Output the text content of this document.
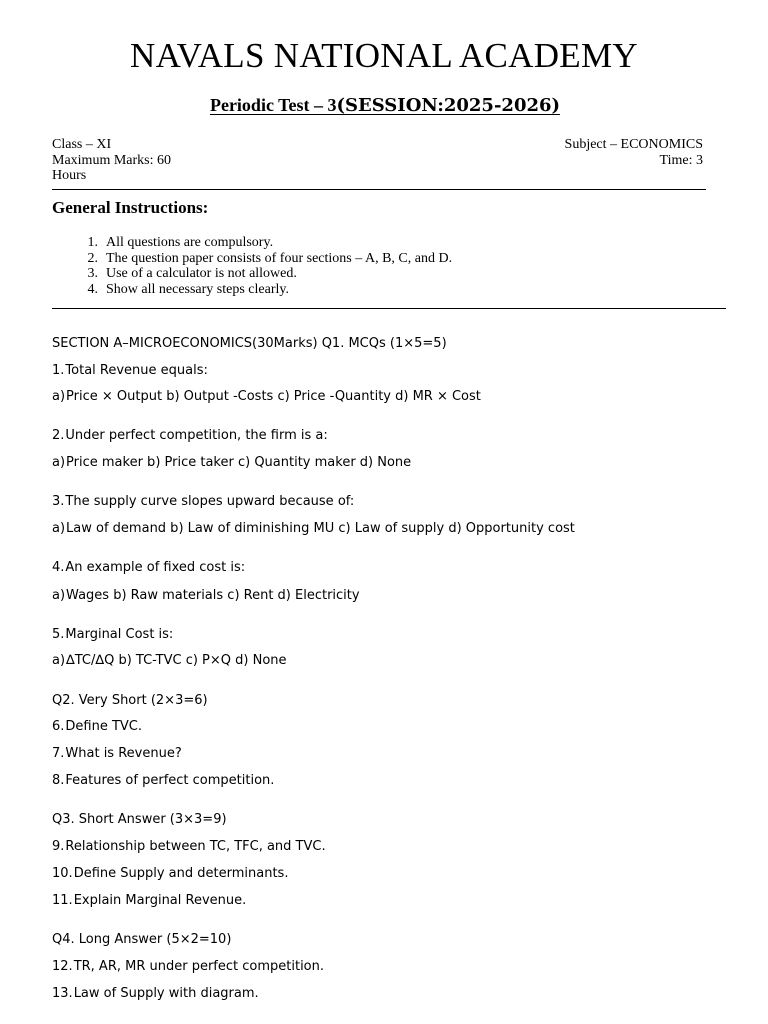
NAVALS NATIONAL ACADEMY
Periodic Test – 3(SESSION:2025-2026)
Class – XI
Maximum Marks: 60
Hours
Subject – ECONOMICS
Time: 3
General Instructions:
1. All questions are compulsory.
2. The question paper consists of four sections – A, B, C, and D.
3. Use of a calculator is not allowed.
4. Show all necessary steps clearly.
SECTION A–MICROECONOMICS(30Marks) Q1. MCQs (1×5=5)
1.Total Revenue equals:
a)Price × Output b) Output -Costs c) Price -Quantity d) MR × Cost
2.Under perfect competition, the firm is a:
a)Price maker b) Price taker c) Quantity maker d) None
3.The supply curve slopes upward because of:
a)Law of demand b) Law of diminishing MU c) Law of supply d) Opportunity cost
4.An example of fixed cost is:
a)Wages b) Raw materials c) Rent d) Electricity
5.Marginal Cost is:
a)∆TC/∆Q b) TC-TVC c) P×Q d) None
Q2. Very Short (2×3=6)
6.Define TVC.
7.What is Revenue?
8.Features of perfect competition.
Q3. Short Answer (3×3=9)
9.Relationship between TC, TFC, and TVC.
10.Define Supply and determinants.
11.Explain Marginal Revenue.
Q4. Long Answer (5×2=10)
12.TR, AR, MR under perfect competition.
13.Law of Supply with diagram.
